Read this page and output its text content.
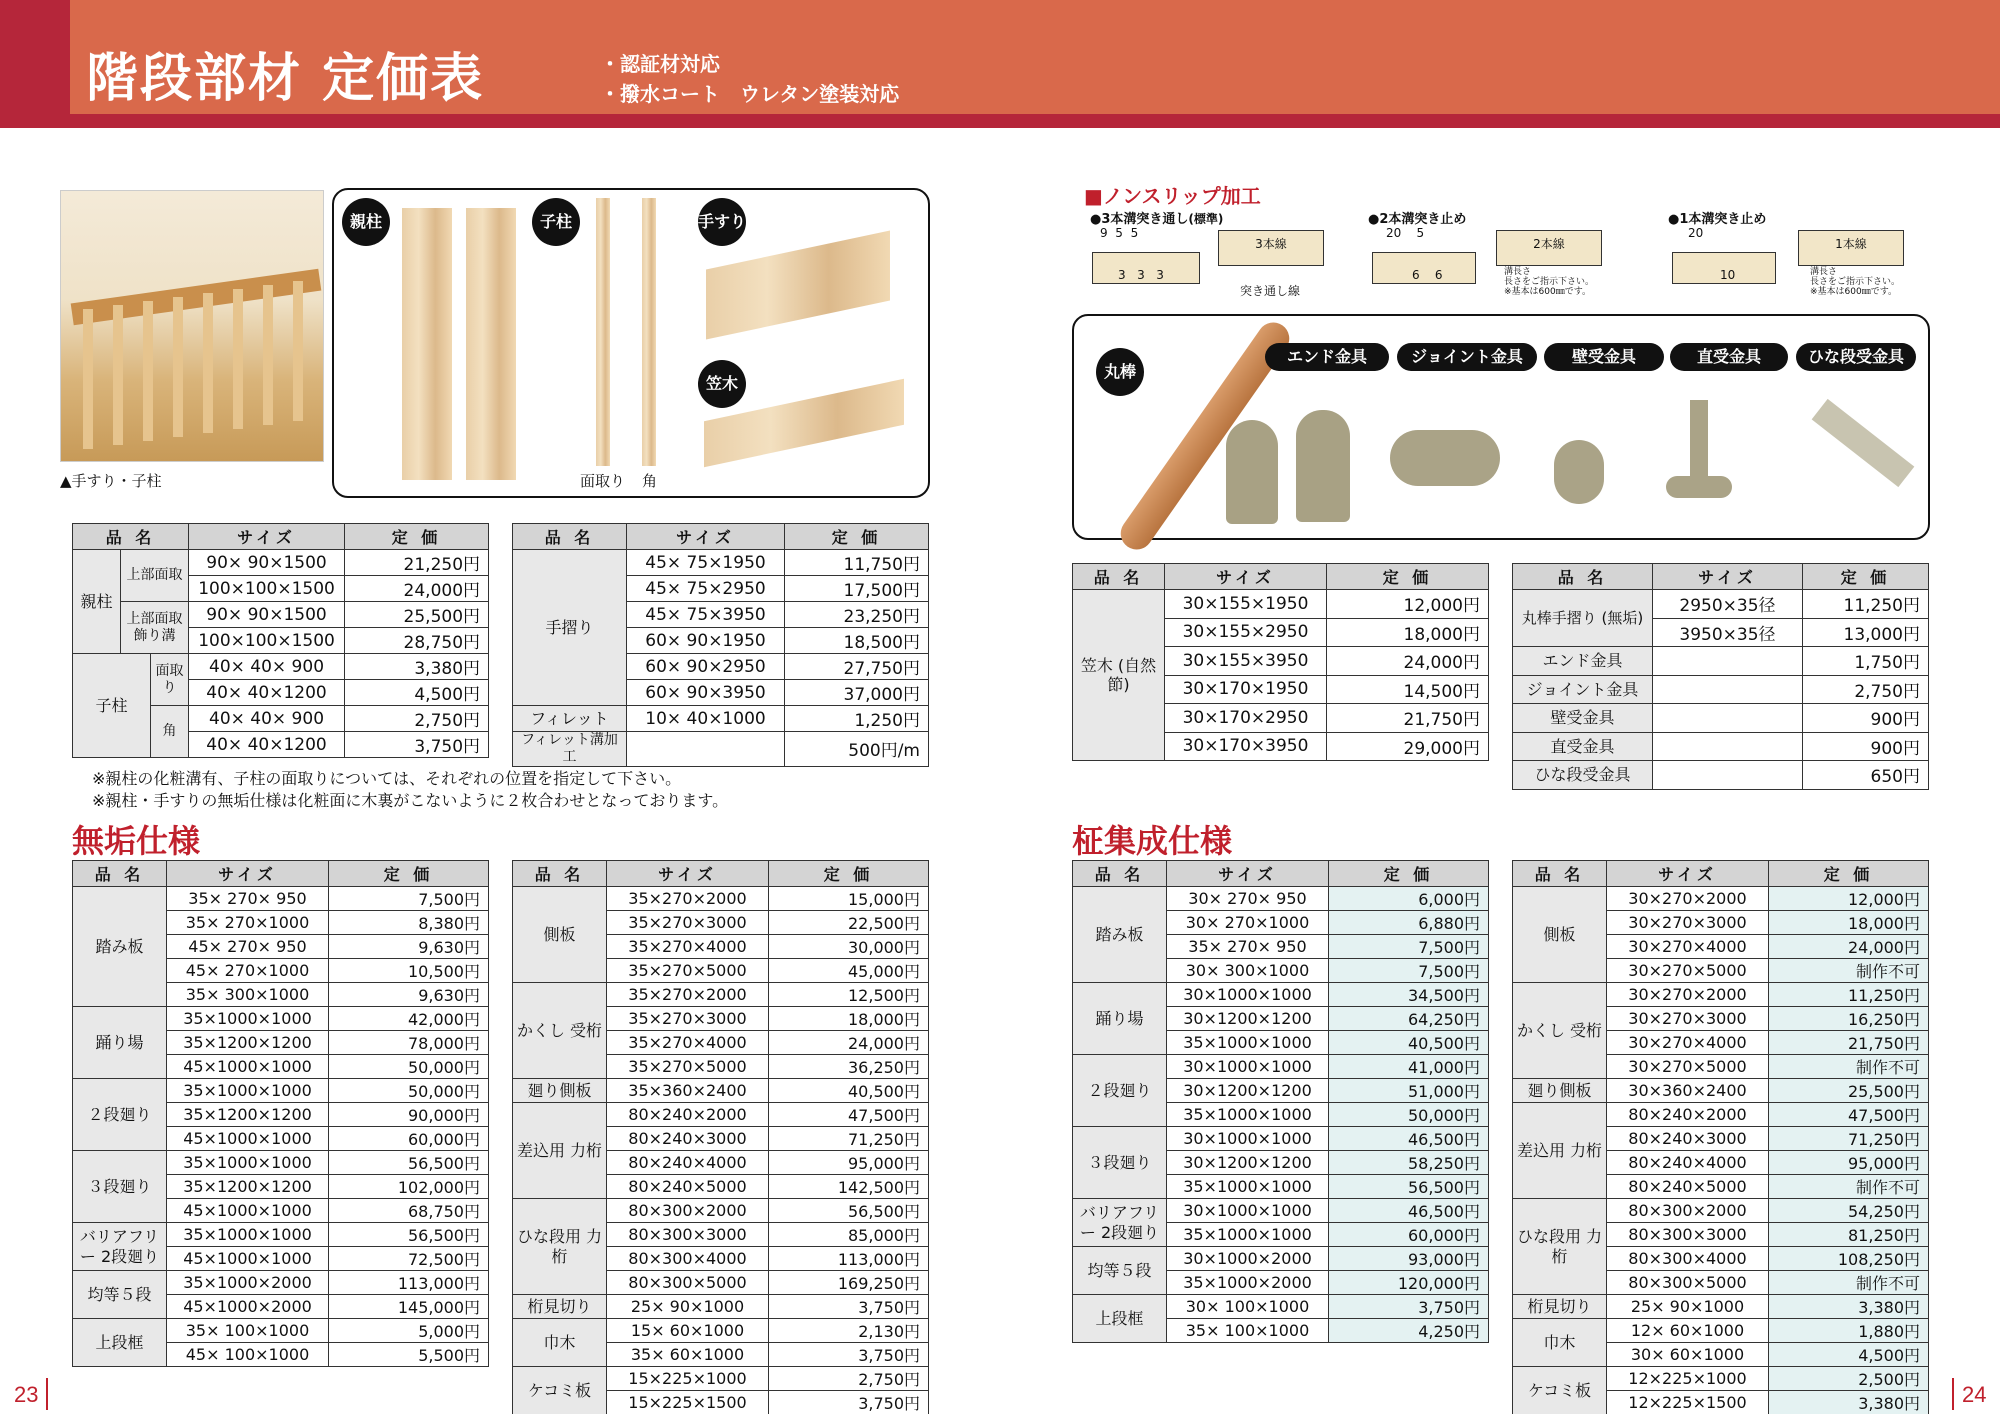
階段部材 定価表	・認証材対応
・撥水コート　ウレタン塗装対応
▲手すり・子柱
親柱	子柱
面取り 角
手すり
笠木
■ノンスリップ加工
●3本溝突き通し(標準)
9 5 5
3 3 3
3本線
突き通し線
●2本溝突き止め
20 5
6 6
2本線
溝長さ
長さをご指示下さい。
※基本は600㎜です。
●1本溝突き止め
20
10
1本線
溝長さ
長さをご指示下さい。
※基本は600㎜です。
丸棒
エンド金具	ジョイント金具	壁受金具	直受金具	ひな段受金具
品 名			サイズ	定 価
親柱	上部面取		90× 90×1500	21,250円
			100×100×1500	24,000円
	上部面取 飾り溝		90× 90×1500	25,500円
			100×100×1500	28,750円
子柱		面取り	40× 40× 900	3,380円
			40× 40×1200	4,500円
		角	40× 40× 900	2,750円
			40× 40×1200	3,750円
品 名	サイズ	定 価
手摺り	45× 75×1950	11,750円
	45× 75×2950	17,500円
	45× 75×3950	23,250円
	60× 90×1950	18,500円
	60× 90×2950	27,750円
	60× 90×3950	37,000円
フィレット	10× 40×1000	1,250円
フィレット溝加工		500円/m
※親柱の化粧溝有、子柱の面取りについては、それぞれの位置を指定して下さい。
※親柱・手すりの無垢仕様は化粧面に木裏がこないように２枚合わせとなっております。
品 名	サイズ	定 価
笠木 (自然節)	30×155×1950	12,000円
	30×155×2950	18,000円
	30×155×3950	24,000円
	30×170×1950	14,500円
	30×170×2950	21,750円
	30×170×3950	29,000円
品 名	サイズ	定 価
丸棒手摺り (無垢)	2950×35径	11,250円
	3950×35径	13,000円
エンド金具		1,750円
ジョイント金具		2,750円
壁受金具		900円
直受金具		900円
ひな段受金具		650円
無垢仕様	柾集成仕様
品 名	サイズ	定 価
踏み板	35× 270× 950	7,500円
	35× 270×1000	8,380円
	45× 270× 950	9,630円
	45× 270×1000	10,500円
	35× 300×1000	9,630円
踊り場	35×1000×1000	42,000円
	35×1200×1200	78,000円
	45×1000×1000	50,000円
２段廻り	35×1000×1000	50,000円
	35×1200×1200	90,000円
	45×1000×1000	60,000円
３段廻り	35×1000×1000	56,500円
	35×1200×1200	102,000円
	45×1000×1000	68,750円
バリアフリー 2段廻り	35×1000×1000	56,500円
	45×1000×1000	72,500円
均等５段	35×1000×2000	113,000円
	45×1000×2000	145,000円
上段框	35× 100×1000	5,000円
	45× 100×1000	5,500円
品 名	サイズ	定 価
側板	35×270×2000	15,000円
	35×270×3000	22,500円
	35×270×4000	30,000円
	35×270×5000	45,000円
かくし 受桁	35×270×2000	12,500円
	35×270×3000	18,000円
	35×270×4000	24,000円
	35×270×5000	36,250円
廻り側板	35×360×2400	40,500円
差込用 力桁	80×240×2000	47,500円
	80×240×3000	71,250円
	80×240×4000	95,000円
	80×240×5000	142,500円
ひな段用 力桁	80×300×2000	56,500円
	80×300×3000	85,000円
	80×300×4000	113,000円
	80×300×5000	169,250円
桁見切り	25× 90×1000	3,750円
巾木	15× 60×1000	2,130円
	35× 60×1000	3,750円
ケコミ板	15×225×1000	2,750円
	15×225×1500	3,750円
品 名	サイズ	定 価
踏み板	30× 270× 950	6,000円
	30× 270×1000	6,880円
	35× 270× 950	7,500円
	30× 300×1000	7,500円
踊り場	30×1000×1000	34,500円
	30×1200×1200	64,250円
	35×1000×1000	40,500円
２段廻り	30×1000×1000	41,000円
	30×1200×1200	51,000円
	35×1000×1000	50,000円
３段廻り	30×1000×1000	46,500円
	30×1200×1200	58,250円
	35×1000×1000	56,500円
バリアフリー 2段廻り	30×1000×1000	46,500円
	35×1000×1000	60,000円
均等５段	30×1000×2000	93,000円
	35×1000×2000	120,000円
上段框	30× 100×1000	3,750円
	35× 100×1000	4,250円
品 名	サイズ	定 価
側板	30×270×2000	12,000円
	30×270×3000	18,000円
	30×270×4000	24,000円
	30×270×5000	制作不可
かくし 受桁	30×270×2000	11,250円
	30×270×3000	16,250円
	30×270×4000	21,750円
	30×270×5000	制作不可
廻り側板	30×360×2400	25,500円
差込用 力桁	80×240×2000	47,500円
	80×240×3000	71,250円
	80×240×4000	95,000円
	80×240×5000	制作不可
ひな段用 力桁	80×300×2000	54,250円
	80×300×3000	81,250円
	80×300×4000	108,250円
	80×300×5000	制作不可
桁見切り	25× 90×1000	3,380円
巾木	12× 60×1000	1,880円
	30× 60×1000	4,500円
ケコミ板	12×225×1000	2,500円
	12×225×1500	3,380円
23	24
